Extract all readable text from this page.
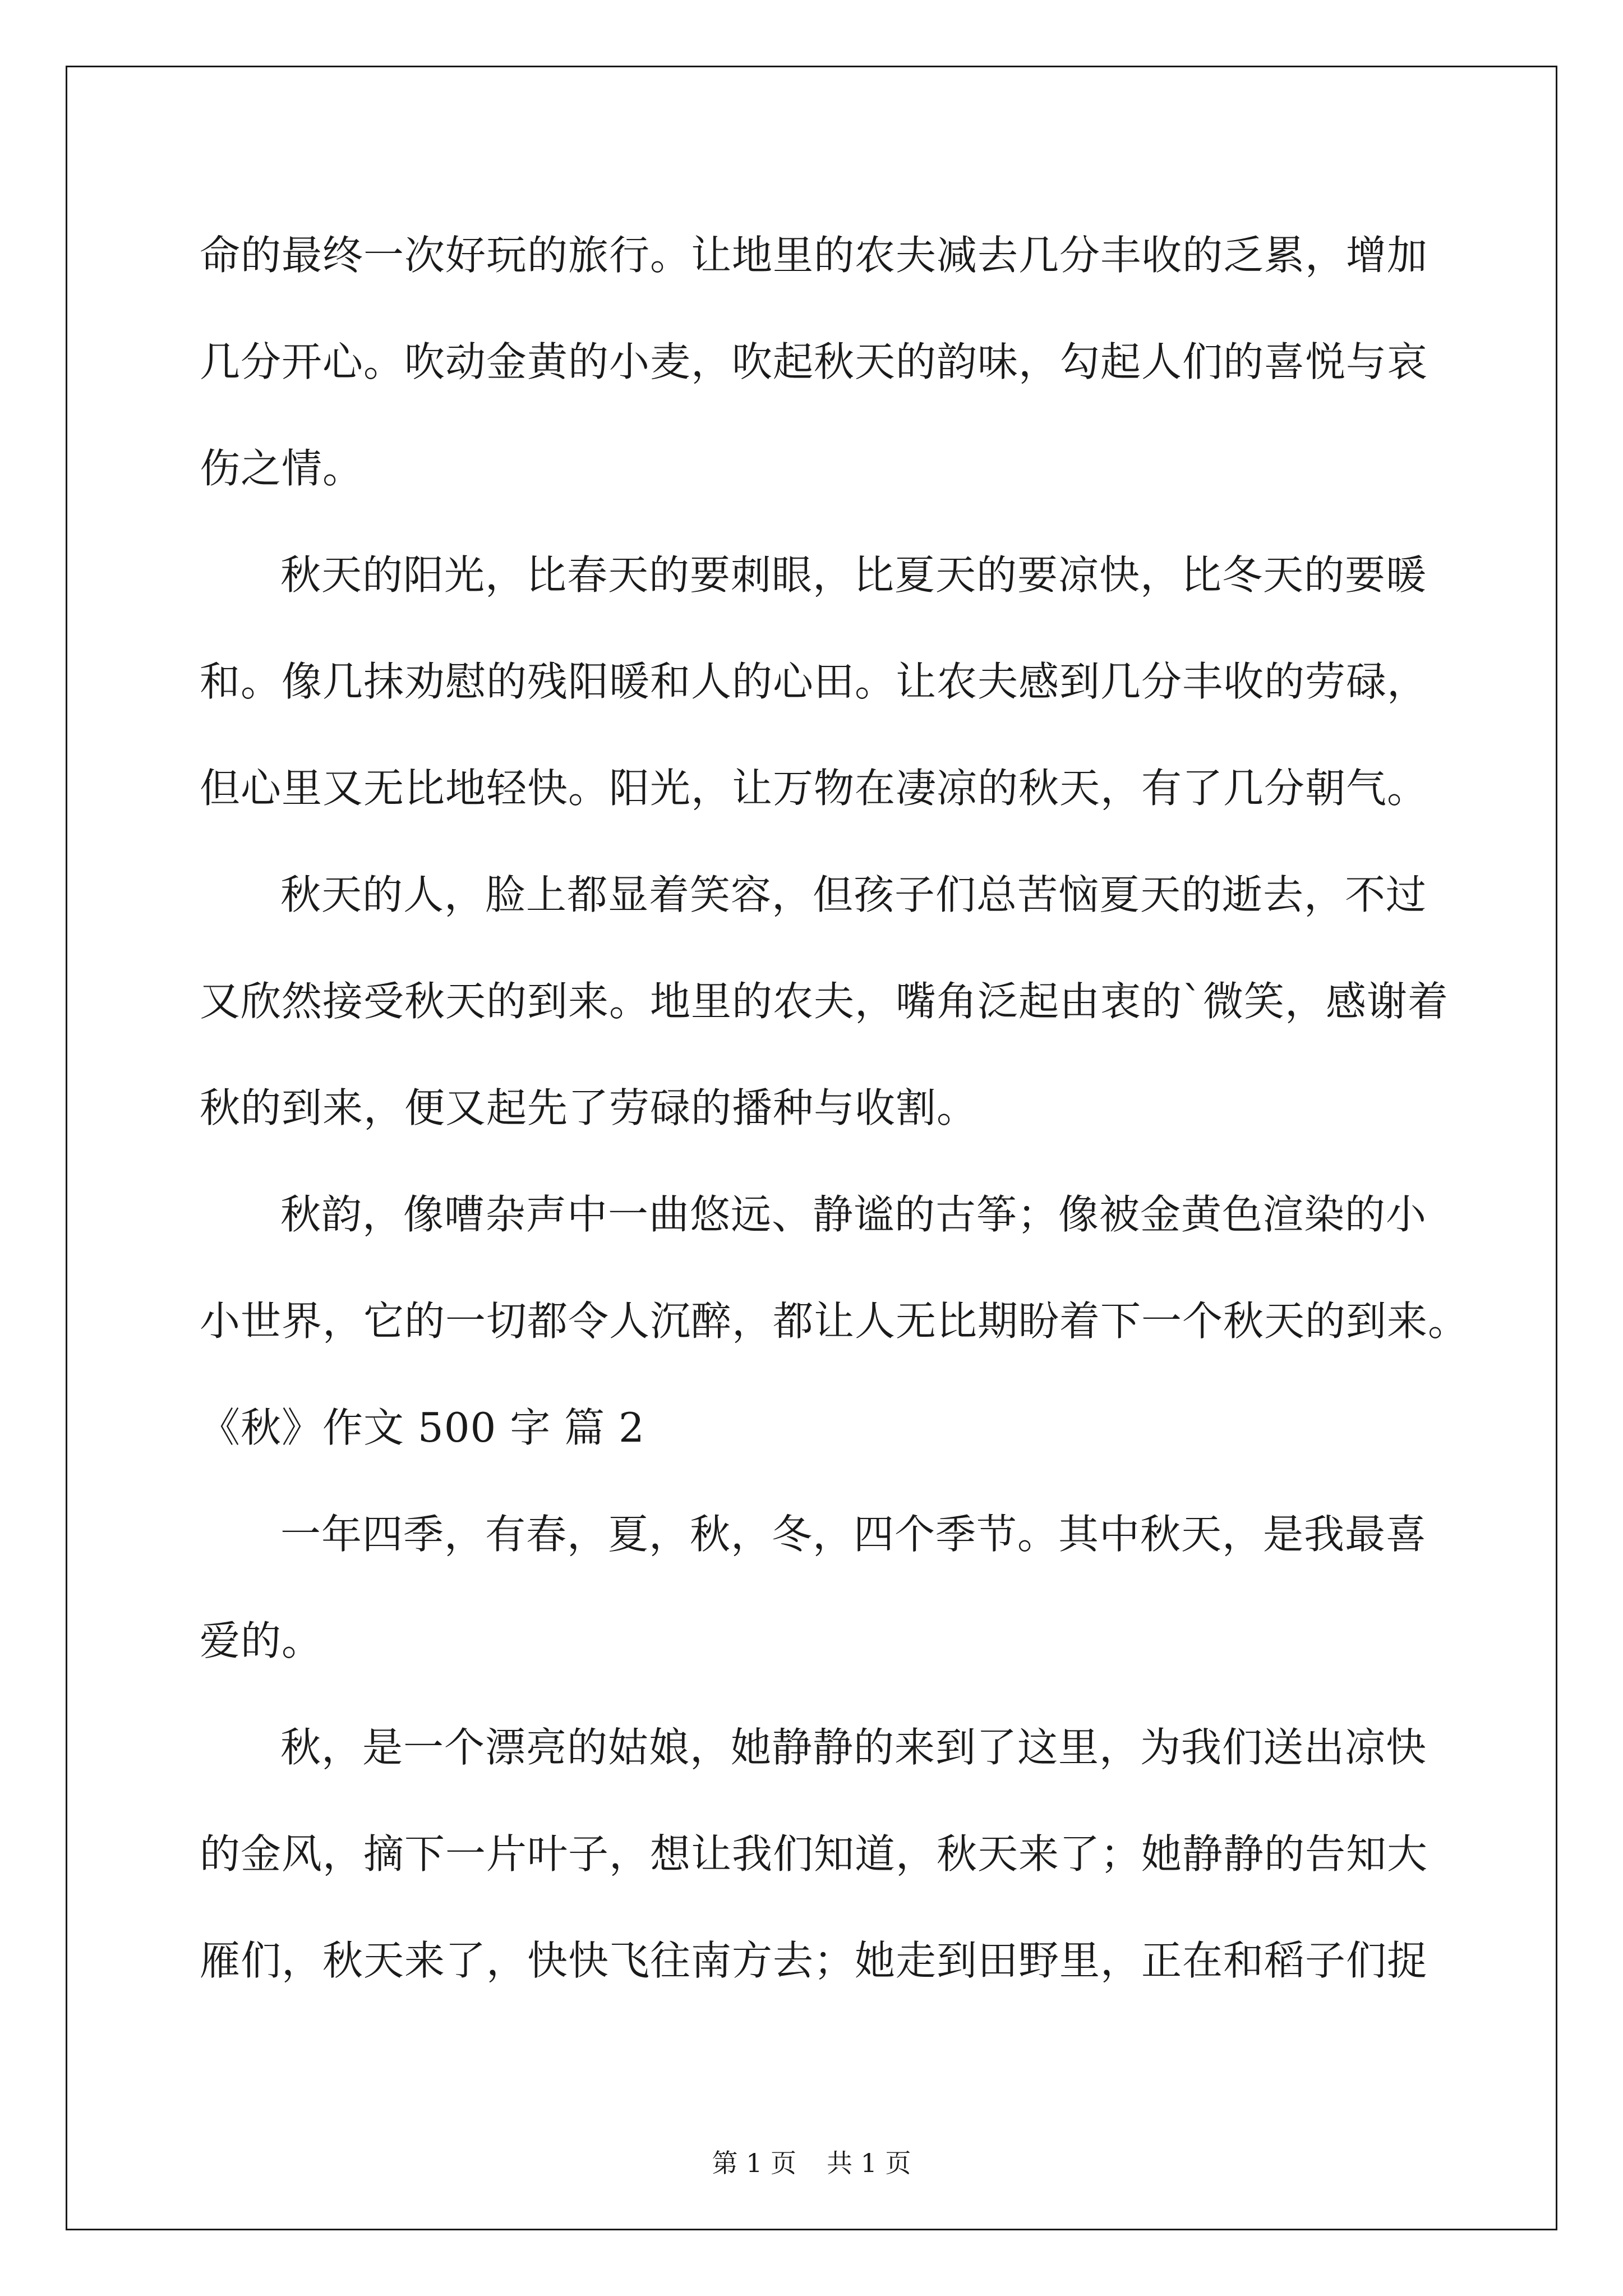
命的最终一次好玩的旅行。让地里的农夫减去几分丰收的乏累，增加
几分开心。吹动金黄的小麦，吹起秋天的韵味，勾起人们的喜悦与哀
伤之情。
秋天的阳光，比春天的要刺眼，比夏天的要凉快，比冬天的要暖
和。像几抹劝慰的残阳暖和人的心田。让农夫感到几分丰收的劳碌，
但心里又无比地轻快。阳光，让万物在凄凉的秋天，有了几分朝气。
秋天的人，脸上都显着笑容，但孩子们总苦恼夏天的逝去，不过
又欣然接受秋天的到来。地里的农夫，嘴角泛起由衷的`微笑，感谢着
秋的到来，便又起先了劳碌的播种与收割。
秋韵，像嘈杂声中一曲悠远、静谧的古筝；像被金黄色渲染的小
小世界，它的一切都令人沉醉，都让人无比期盼着下一个秋天的到来。
《秋》作文 500 字 篇 2
一年四季，有春，夏，秋，冬，四个季节。其中秋天，是我最喜
爱的。
秋，是一个漂亮的姑娘，她静静的来到了这里，为我们送出凉快
的金风，摘下一片叶子，想让我们知道，秋天来了；她静静的告知大
雁们，秋天来了，快快飞往南方去；她走到田野里，正在和稻子们捉
第 1 页 共 1 页
